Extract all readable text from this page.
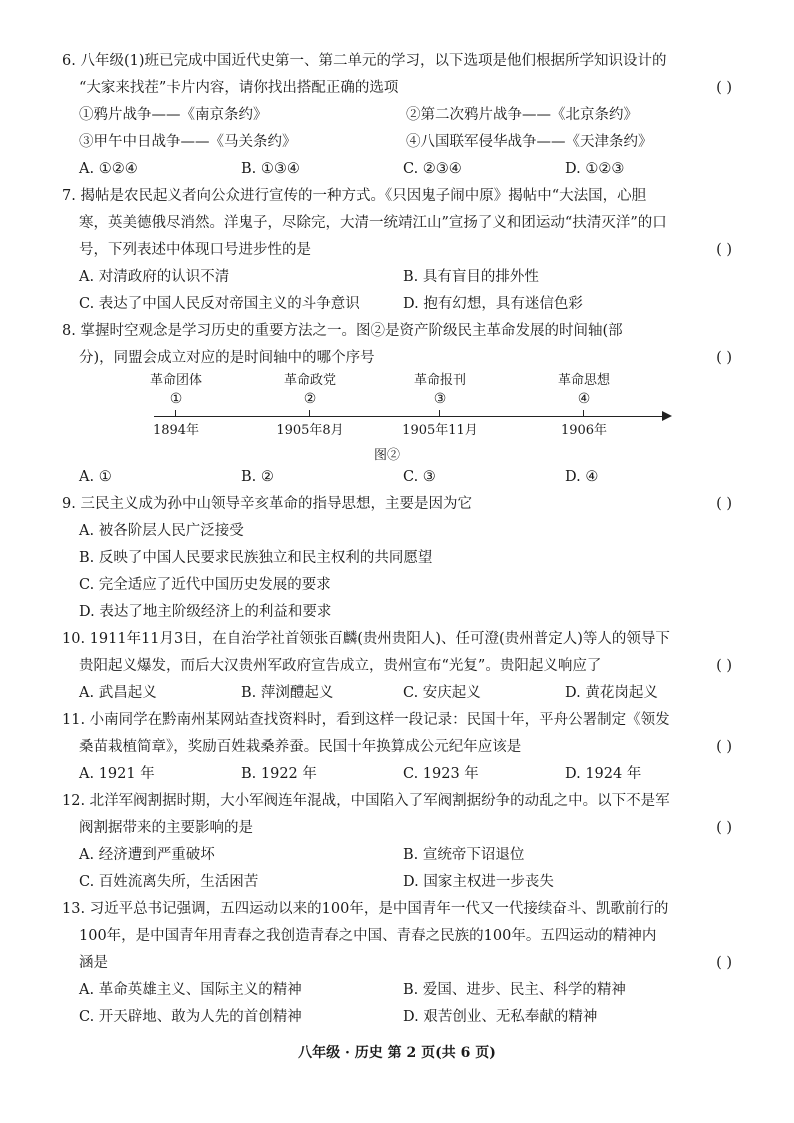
6. 八年级(1)班已完成中国近代史第一、第二单元的学习，以下选项是他们根据所学知识设计的
“大家来找茬”卡片内容，请你找出搭配正确的选项	( )
①鸦片战争——《南京条约》	②第二次鸦片战争——《北京条约》
③甲午中日战争——《马关条约》	④八国联军侵华战争——《天津条约》
A. ①②④	B. ①③④	C. ②③④	D. ①②③
7. 揭帖是农民起义者向公众进行宣传的一种方式。《只因鬼子闹中原》揭帖中“大法国，心胆
寒，英美德俄尽消然。洋鬼子，尽除完，大清一统靖江山”宣扬了义和团运动“扶清灭洋”的口
号，下列表述中体现口号进步性的是	( )
A. 对清政府的认识不清	B. 具有盲目的排外性
C. 表达了中国人民反对帝国主义的斗争意识	D. 抱有幻想，具有迷信色彩
8. 掌握时空观念是学习历史的重要方法之一。图②是资产阶级民主革命发展的时间轴(部
分)，同盟会成立对应的是时间轴中的哪个序号	( )
革命团体
①
1894年
革命政党
②
1905年8月
革命报刊
③
1905年11月
革命思想
④
1906年
图②
A. ①	B. ②	C. ③	D. ④
9. 三民主义成为孙中山领导辛亥革命的指导思想，主要是因为它	( )
A. 被各阶层人民广泛接受
B. 反映了中国人民要求民族独立和民主权利的共同愿望
C. 完全适应了近代中国历史发展的要求
D. 表达了地主阶级经济上的利益和要求
10. 1911年11月3日，在自治学社首领张百麟(贵州贵阳人)、任可澄(贵州普定人)等人的领导下
贵阳起义爆发，而后大汉贵州军政府宣告成立，贵州宣布“光复”。贵阳起义响应了	( )
A. 武昌起义	B. 萍浏醴起义	C. 安庆起义	D. 黄花岗起义
11. 小南同学在黔南州某网站查找资料时，看到这样一段记录：民国十年，平舟公署制定《领发
桑苗栽植简章》，奖励百姓栽桑养蚕。民国十年换算成公元纪年应该是	( )
A. 1921 年	B. 1922 年	C. 1923 年	D. 1924 年
12. 北洋军阀割据时期，大小军阀连年混战，中国陷入了军阀割据纷争的动乱之中。以下不是军
阀割据带来的主要影响的是	( )
A. 经济遭到严重破坏	B. 宣统帝下诏退位
C. 百姓流离失所，生活困苦	D. 国家主权进一步丧失
13. 习近平总书记强调，五四运动以来的100年，是中国青年一代又一代接续奋斗、凯歌前行的
100年，是中国青年用青春之我创造青春之中国、青春之民族的100年。五四运动的精神内
涵是	( )
A. 革命英雄主义、国际主义的精神	B. 爱国、进步、民主、科学的精神
C. 开天辟地、敢为人先的首创精神	D. 艰苦创业、无私奉献的精神
八年级 · 历史 第 2 页(共 6 页)
